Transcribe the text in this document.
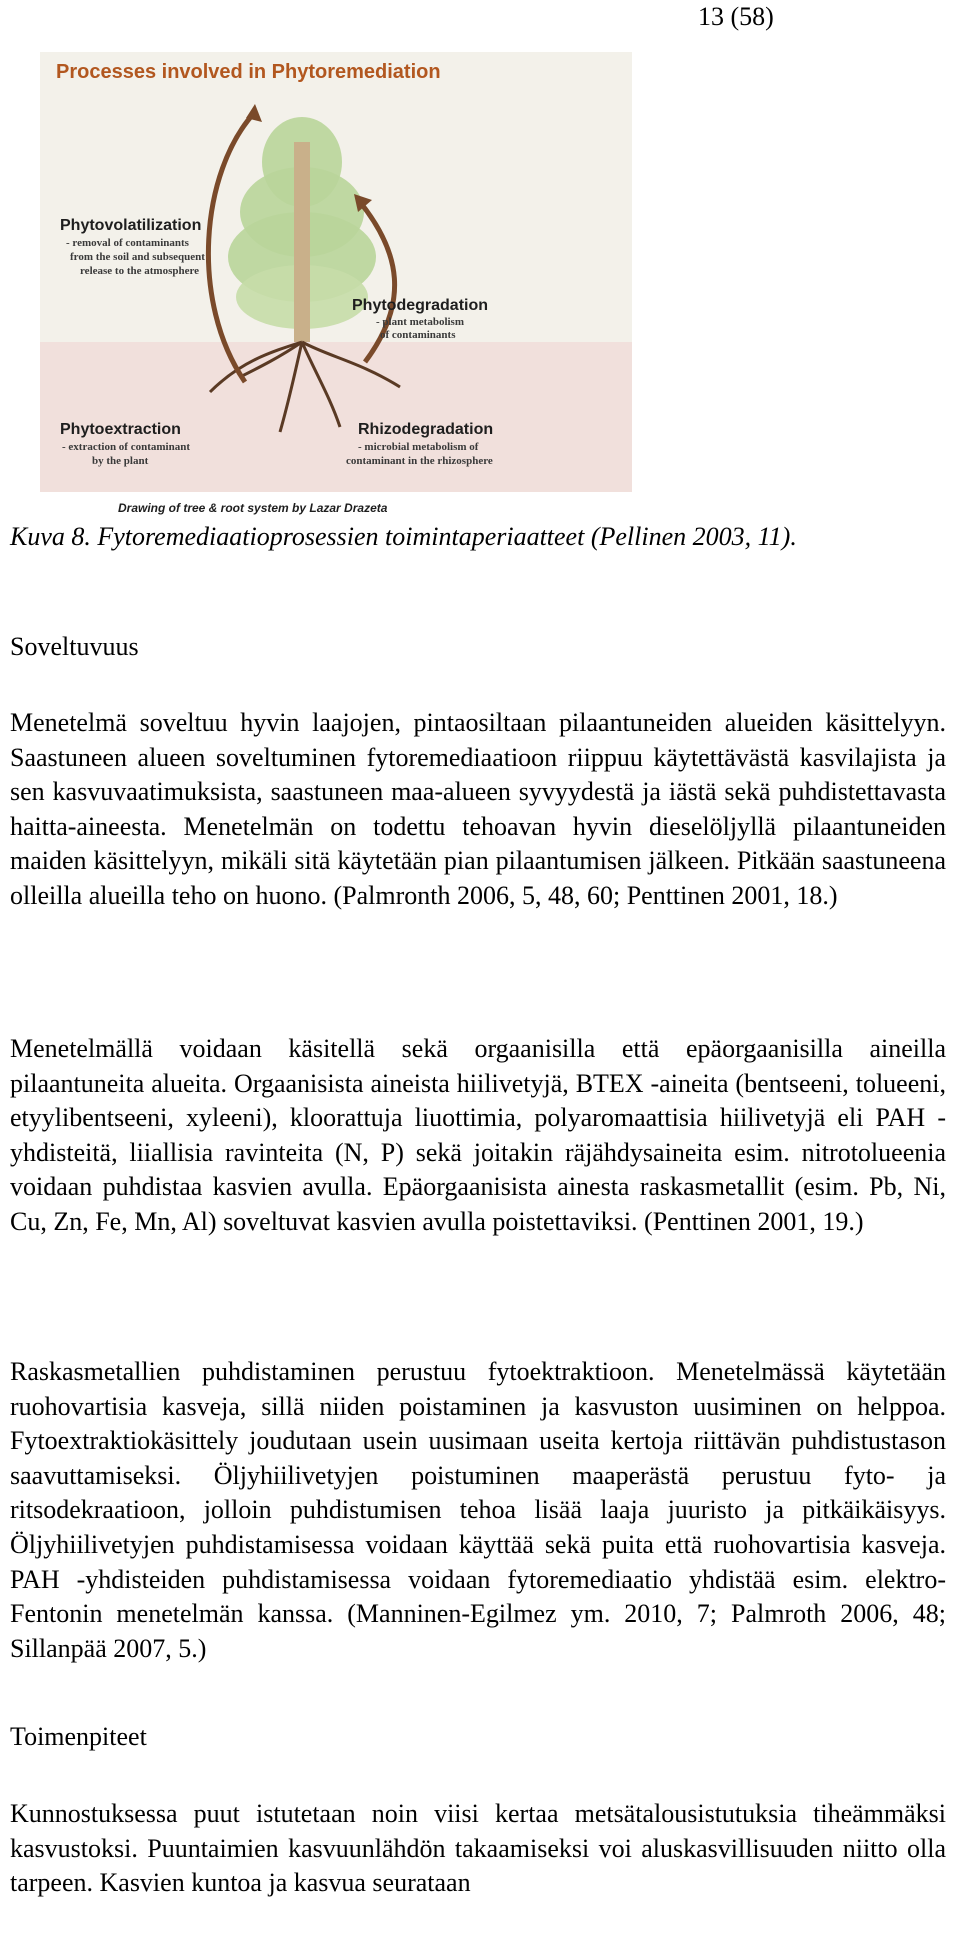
13 (58)
Processes involved in Phytoremediation
Phytovolatilization
- removal of contaminants
from the soil and subsequent
release to the atmosphere
Phytodegradation
- plant metabolism
of contaminants
Phytoextraction
- extraction of contaminant
by the plant
Rhizodegradation
- microbial metabolism of
contaminant in the rhizosphere
Drawing of tree & root system by Lazar Drazeta
Kuva 8. Fytoremediaatioprosessien toimintaperiaatteet (Pellinen 2003, 11).

Soveltuvuus

Menetelmä soveltuu hyvin laajojen, pintaosiltaan pilaantuneiden alueiden käsittelyyn. Saastuneen alueen soveltuminen fytoremediaatioon riippuu käytettävästä kasvilajista ja sen kasvuvaatimuksista, saastuneen maa-alueen syvyydestä ja iästä sekä puhdistettavasta haitta-aineesta. Menetelmän on todettu tehoavan hyvin dieselöljyllä pilaantuneiden maiden käsittelyyn, mikäli sitä käytetään pian pilaantumisen jälkeen. Pitkään saastuneena olleilla alueilla teho on huono. (Palmronth 2006, 5, 48, 60; Penttinen 2001, 18.)

Menetelmällä voidaan käsitellä sekä orgaanisilla että epäorgaanisilla aineilla pilaantuneita alueita. Orgaanisista aineista hiilivetyjä, BTEX -aineita (bentseeni, tolueeni, etyylibentseeni, xyleeni), kloorattuja liuottimia, polyaromaattisia hiilivetyjä eli PAH -yhdisteitä, liiallisia ravinteita (N, P) sekä joitakin räjähdysaineita esim. nitrotolueenia voidaan puhdistaa kasvien avulla. Epäorgaanisista ainesta raskasmetallit (esim. Pb, Ni, Cu, Zn, Fe, Mn, Al) soveltuvat kasvien avulla poistettaviksi. (Penttinen 2001, 19.)

Raskasmetallien puhdistaminen perustuu fytoektraktioon. Menetelmässä käytetään ruohovartisia kasveja, sillä niiden poistaminen ja kasvuston uusiminen on helppoa. Fytoextraktiokäsittely joudutaan usein uusimaan useita kertoja riittävän puhdistustason saavuttamiseksi. Öljyhiilivetyjen poistuminen maaperästä perustuu fyto- ja ritsodekraatioon, jolloin puhdistumisen tehoa lisää laaja juuristo ja pitkäikäisyys. Öljyhiilivetyjen puhdistamisessa voidaan käyttää sekä puita että ruohovartisia kasveja. PAH -yhdisteiden puhdistamisessa voidaan fytoremediaatio yhdistää esim. elektro-Fentonin menetelmän kanssa. (Manninen-Egilmez ym. 2010, 7; Palmroth 2006, 48; Sillanpää 2007, 5.)

Toimenpiteet

Kunnostuksessa puut istutetaan noin viisi kertaa metsätalousistutuksia tiheämmäksi kasvustoksi. Puuntaimien kasvuunlähdön takaamiseksi voi aluskasvillisuuden niitto olla tarpeen. Kasvien kuntoa ja kasvua seurataan
